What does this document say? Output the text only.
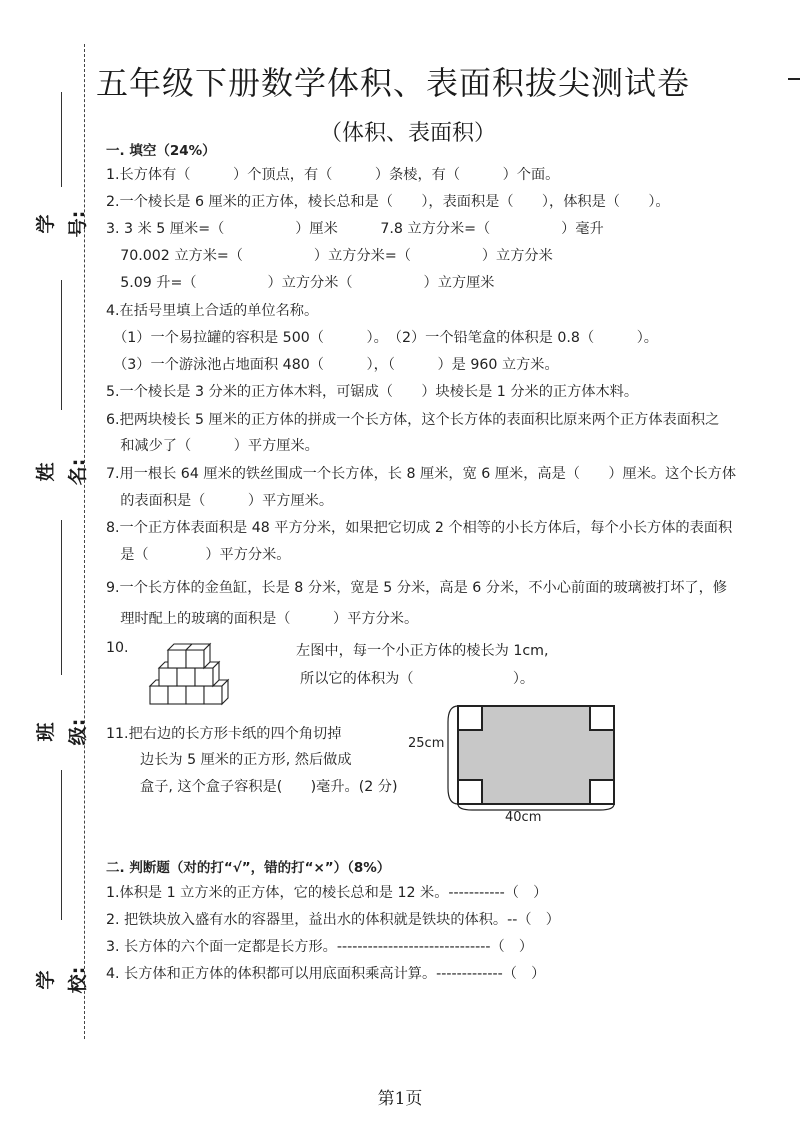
学号:
姓名:
班级:
学校:
五年级下册数学体积、表面积拔尖测试卷
（体积、表面积）
一. 填空（24%）
1.长方体有（　　　）个顶点，有（　　　）条棱，有（　　　）个面。
2.一个棱长是 6 厘米的正方体，棱长总和是（　　），表面积是（　　），体积是（　　）。
3. 3 米 5 厘米=（　　　　　）厘米　　　7.8 立方分米=（　　　　　）毫升
　70.002 立方米=（　　　　　）立方分米=（　　　　　）立方分米
　5.09 升=（　　　　　）立方分米（　　　　　）立方厘米
4.在括号里填上合适的单位名称。
　（1）一个易拉罐的容积是 500（　　　）。　（2）一个铅笔盒的体积是 0.8（　　　）。
　（3）一个游泳池占地面积 480（　　　），（　　　）是 960 立方米。
5.一个棱长是 3 分米的正方体木料，可锯成（　　）块棱长是 1 分米的正方体木料。
6.把两块棱长 5 厘米的正方体的拼成一个长方体，这个长方体的表面积比原来两个正方体表面积之
　和减少了（　　　）平方厘米。
7.用一根长 64 厘米的铁丝围成一个长方体，长 8 厘米，宽 6 厘米，高是（　　）厘米。这个长方体
　的表面积是（　　　）平方厘米。
8.一个正方体表面积是 48 平方分米，如果把它切成 2 个相等的小长方体后，每个小长方体的表面积
　是（　　　　）平方分米。
9.一个长方体的金鱼缸，长是 8 分米，宽是 5 分米，高是 6 分米，不小心前面的玻璃被打坏了，修
　理时配上的玻璃的面积是（　　　）平方分米。
10.	左图中，每一个小正方体的棱长为 1cm,
所以它的体积为（　　　　　　　）。
11.把右边的长方形卡纸的四个角切掉
边长为 5 厘米的正方形, 然后做成
盒子, 这个盒子容积是(　　)毫升。(2 分)
25cm
40cm
二. 判断题（对的打“√”，错的打“×”）（8%）
1.体积是 1 立方米的正方体，它的棱长总和是 12 米。-----------（　）
2. 把铁块放入盛有水的容器里，益出水的体积就是铁块的体积。--（　）
3. 长方体的六个面一定都是长方形。------------------------------（　）
4. 长方体和正方体的体积都可以用底面积乘高计算。-------------（　）
第1页
